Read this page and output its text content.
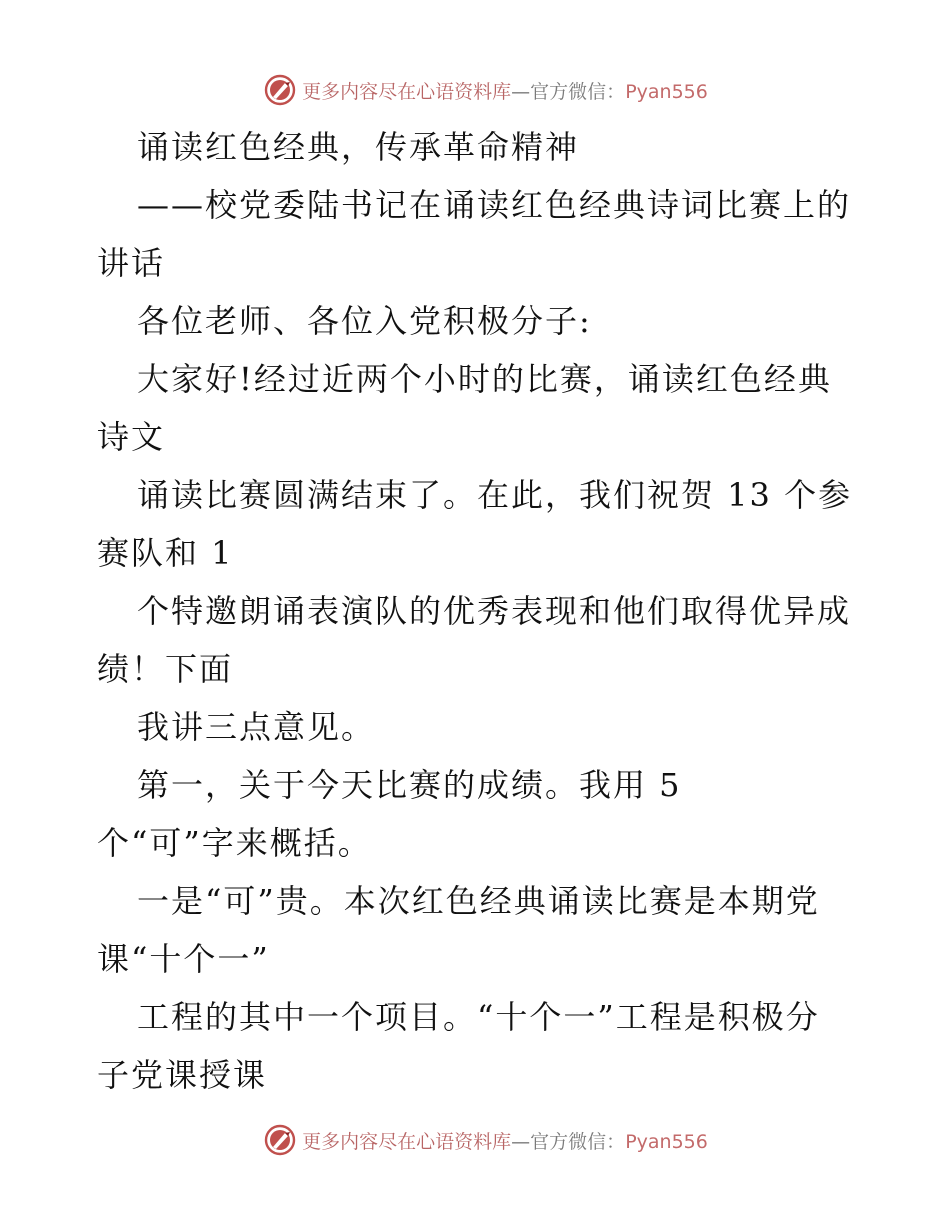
更多内容尽在心语资料库—官方微信：Pyan556
诵读红色经典，传承革命精神
——校党委陆书记在诵读红色经典诗词比赛上的
讲话
各位老师、各位入党积极分子:
大家好!经过近两个小时的比赛，诵读红色经典
诗文
诵读比赛圆满结束了。在此，我们祝贺 13 个参
赛队和 1
个特邀朗诵表演队的优秀表现和他们取得优异成
绩！下面
我讲三点意见。
第一，关于今天比赛的成绩。我用 5
个“可”字来概括。
一是“可”贵。本次红色经典诵读比赛是本期党
课“十个一”
工程的其中一个项目。“十个一”工程是积极分
子党课授课
更多内容尽在心语资料库—官方微信：Pyan556
